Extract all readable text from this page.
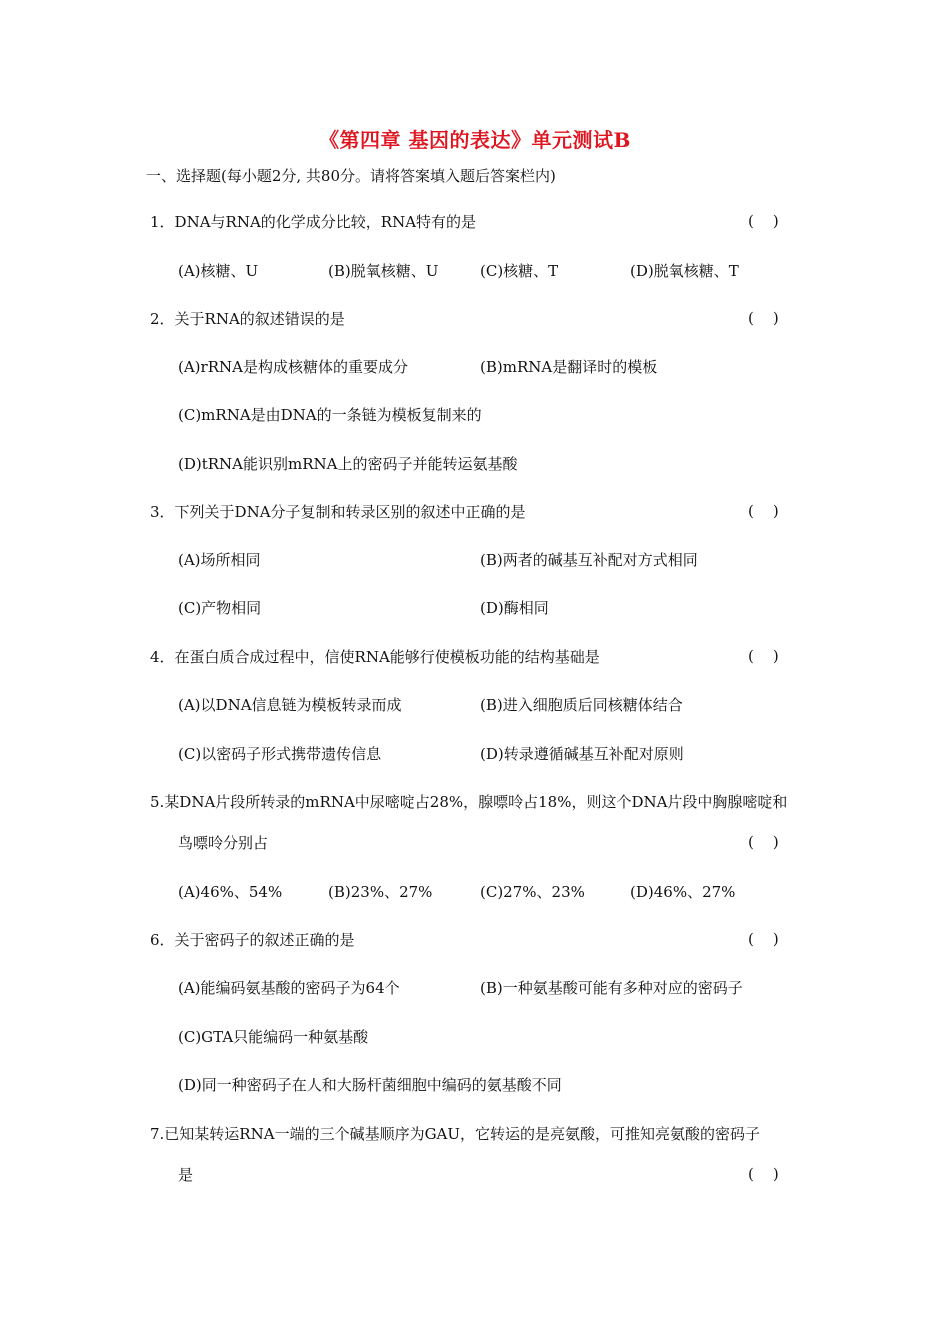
《第四章 基因的表达》单元测试B
一、选择题(每小题2分, 共80分。请将答案填入题后答案栏内)
1．DNA与RNA的化学成分比较，RNA特有的是	(    )
(A)核糖、U	(B)脱氧核糖、U	(C)核糖、T	(D)脱氧核糖、T
2．关于RNA的叙述错误的是	(    )
(A)rRNA是构成核糖体的重要成分	(B)mRNA是翻译时的模板
(C)mRNA是由DNA的一条链为模板复制来的
(D)tRNA能识别mRNA上的密码子并能转运氨基酸
3．下列关于DNA分子复制和转录区别的叙述中正确的是	(    )
(A)场所相同	(B)两者的碱基互补配对方式相同
(C)产物相同	(D)酶相同
4．在蛋白质合成过程中，信使RNA能够行使模板功能的结构基础是	(    )
(A)以DNA信息链为模板转录而成	(B)进入细胞质后同核糖体结合
(C)以密码子形式携带遗传信息	(D)转录遵循碱基互补配对原则
5.某DNA片段所转录的mRNA中尿嘧啶占28%，腺嘌呤占18%，则这个DNA片段中胸腺嘧啶和
鸟嘌呤分别占	(    )
(A)46%、54%	(B)23%、27%	(C)27%、23%	(D)46%、27%
6．关于密码子的叙述正确的是	(    )
(A)能编码氨基酸的密码子为64个	(B)一种氨基酸可能有多种对应的密码子
(C)GTA只能编码一种氨基酸
(D)同一种密码子在人和大肠杆菌细胞中编码的氨基酸不同
7.已知某转运RNA一端的三个碱基顺序为GAU，它转运的是亮氨酸，可推知亮氨酸的密码子
是	(    )
